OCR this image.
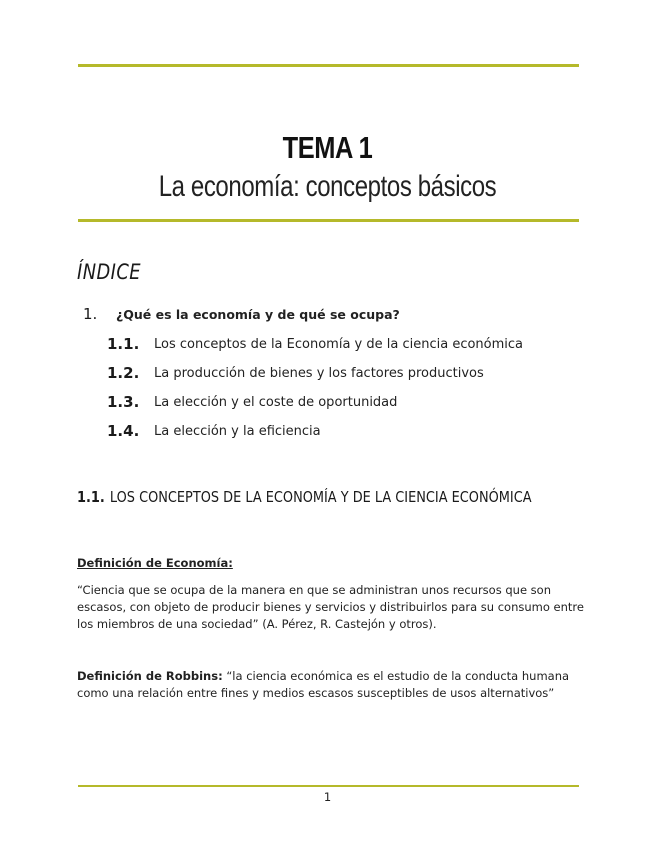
TEMA 1
La economía: conceptos básicos
ÍNDICE
1. ¿Qué es la economía y de qué se ocupa?
1.1. Los conceptos de la Economía y de la ciencia económica
1.2. La producción de bienes y los factores productivos
1.3. La elección y el coste de oportunidad
1.4. La elección y la eficiencia
1.1. LOS CONCEPTOS DE LA ECONOMÍA Y DE LA CIENCIA ECONÓMICA
Definición de Economía:
“Ciencia que se ocupa de la manera en que se administran unos recursos que son escasos, con objeto de producir bienes y servicios y distribuirlos para su consumo entre los miembros de una sociedad” (A. Pérez, R. Castejón y otros).
Definición de Robbins: “la ciencia económica es el estudio de la conducta humana como una relación entre fines y medios escasos susceptibles de usos alternativos”
1
